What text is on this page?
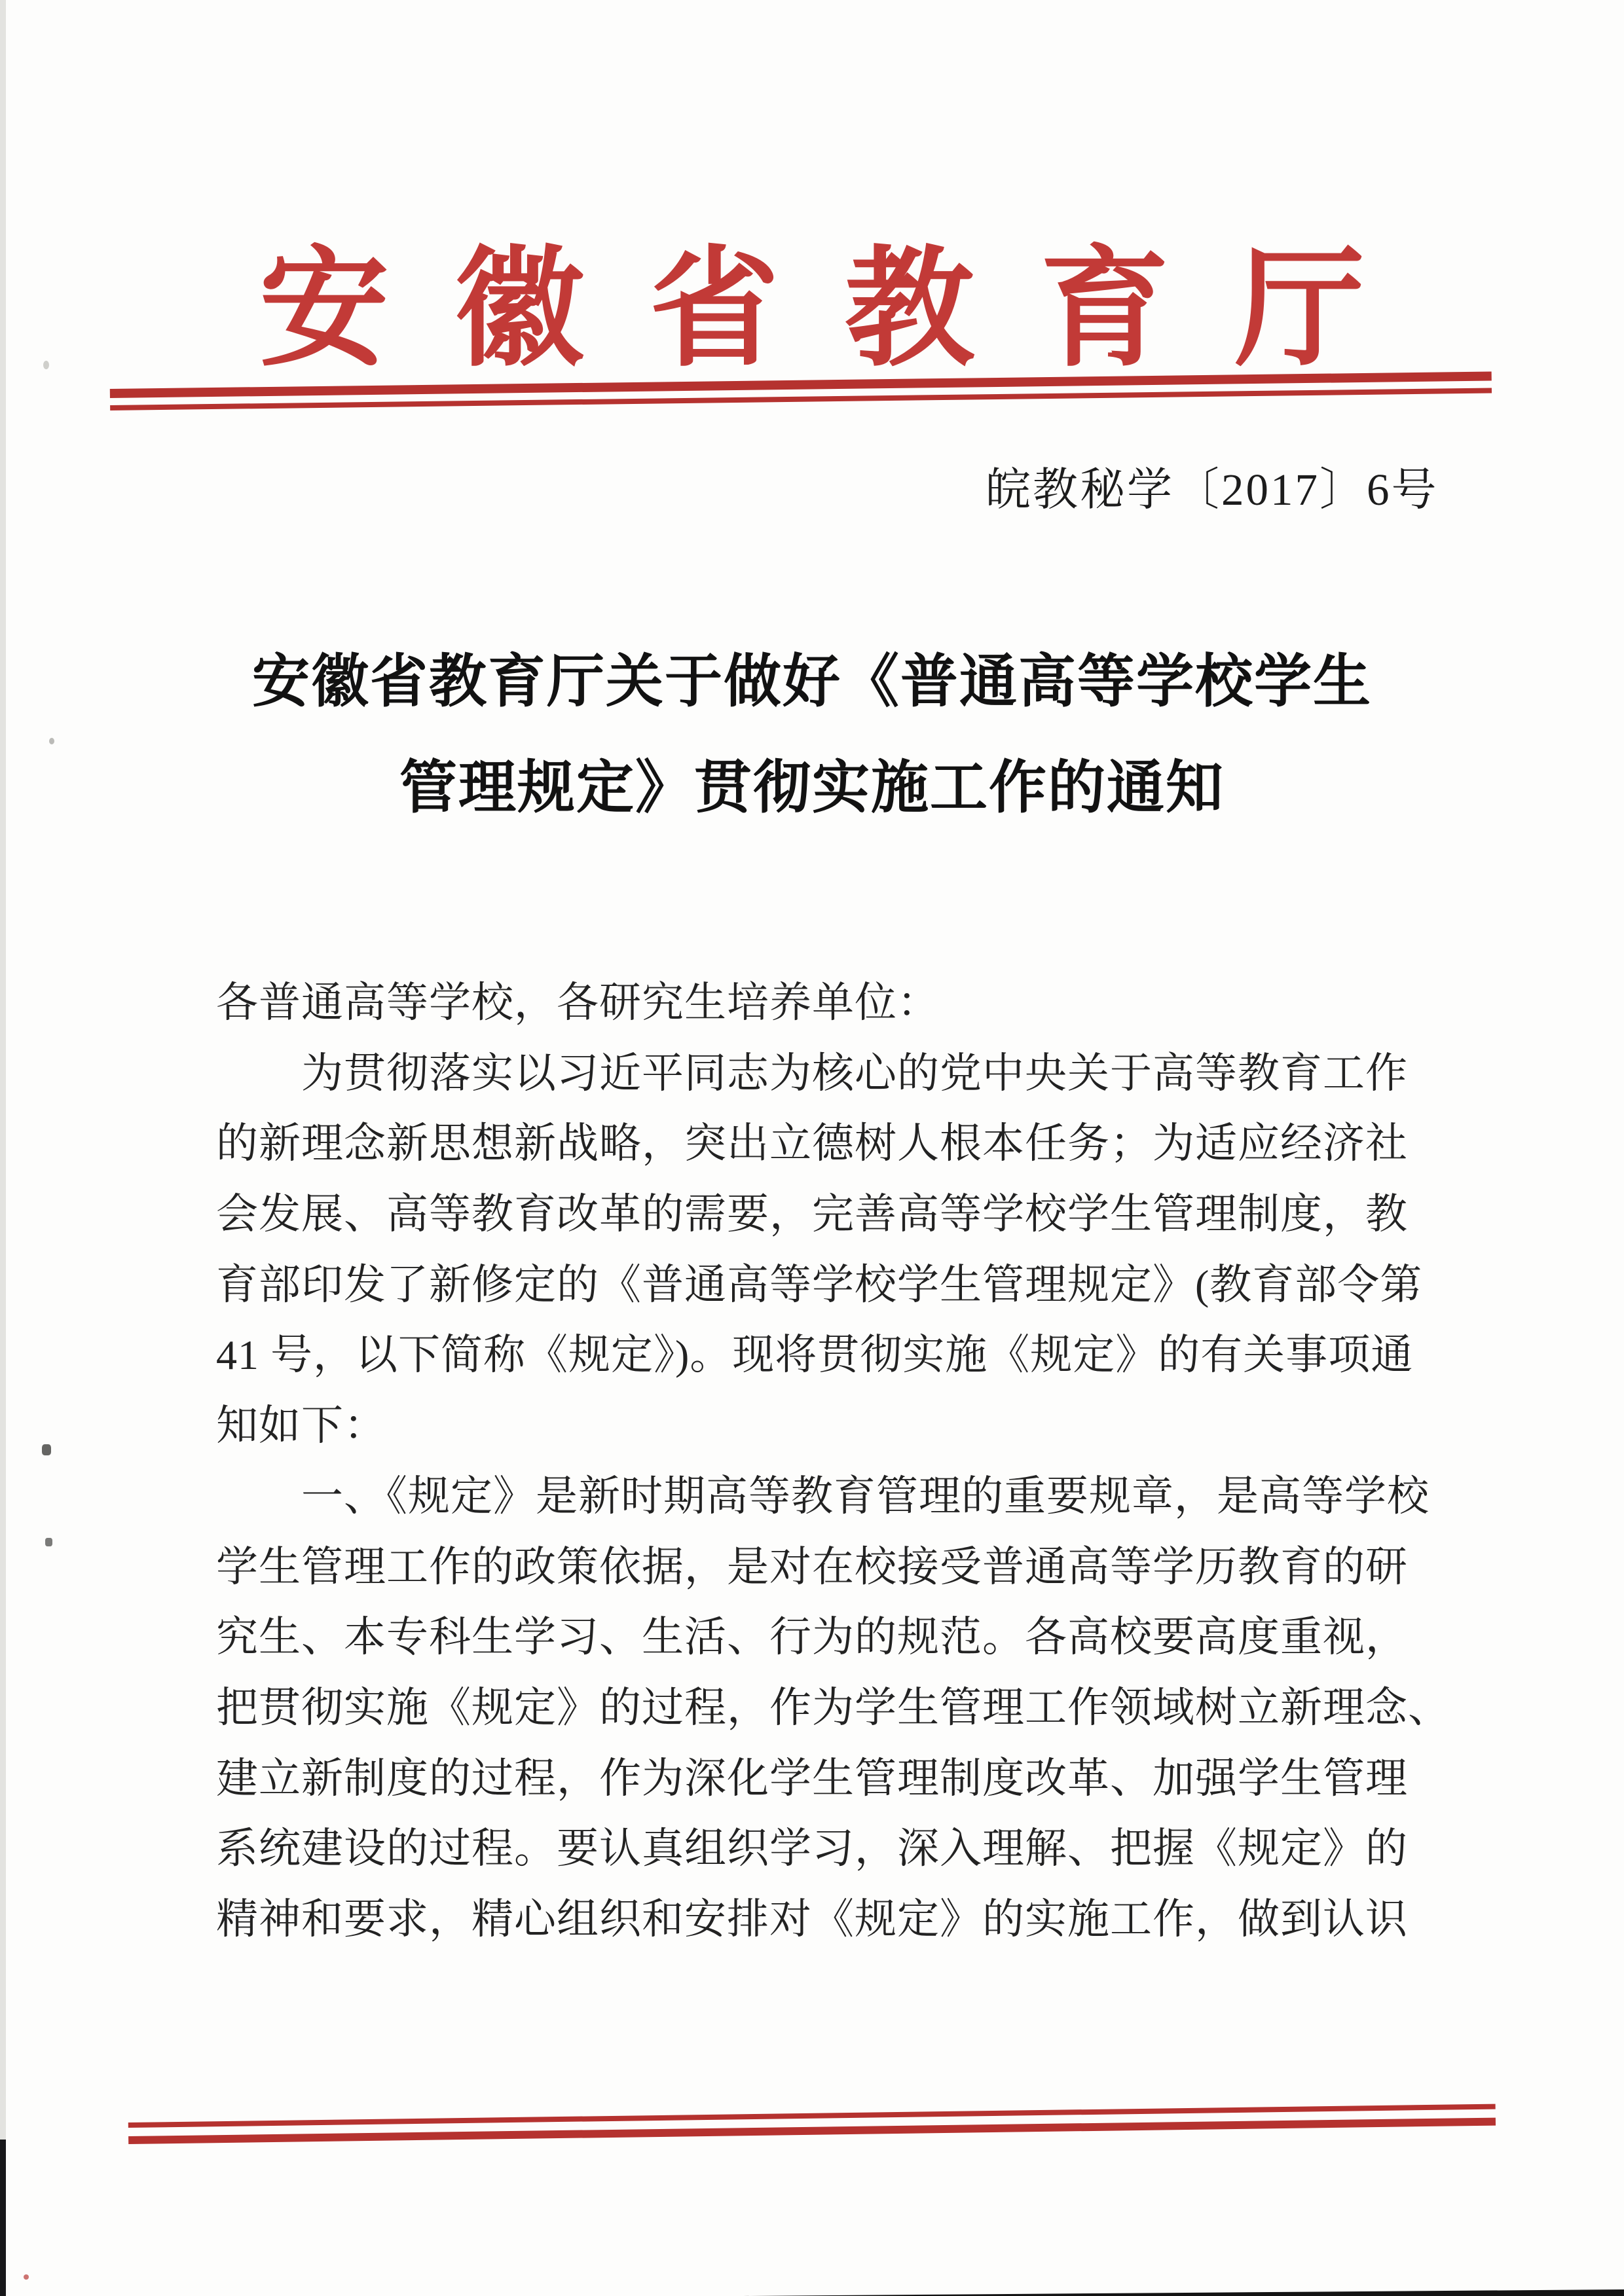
安徽省教育厅
皖教秘学〔2017〕6号
安徽省教育厅关于做好《普通高等学校学生
管理规定》贯彻实施工作的通知
各普通高等学校，各研究生培养单位：
为贯彻落实以习近平同志为核心的党中央关于高等教育工作
的新理念新思想新战略，突出立德树人根本任务；为适应经济社
会发展、高等教育改革的需要，完善高等学校学生管理制度，教
育部印发了新修定的《普通高等学校学生管理规定》(教育部令第
41 号，以下简称《规定》)。现将贯彻实施《规定》的有关事项通
知如下：
一、《规定》是新时期高等教育管理的重要规章，是高等学校
学生管理工作的政策依据，是对在校接受普通高等学历教育的研
究生、本专科生学习、生活、行为的规范。各高校要高度重视，
把贯彻实施《规定》的过程，作为学生管理工作领域树立新理念、
建立新制度的过程，作为深化学生管理制度改革、加强学生管理
系统建设的过程。要认真组织学习，深入理解、把握《规定》的
精神和要求，精心组织和安排对《规定》的实施工作，做到认识
